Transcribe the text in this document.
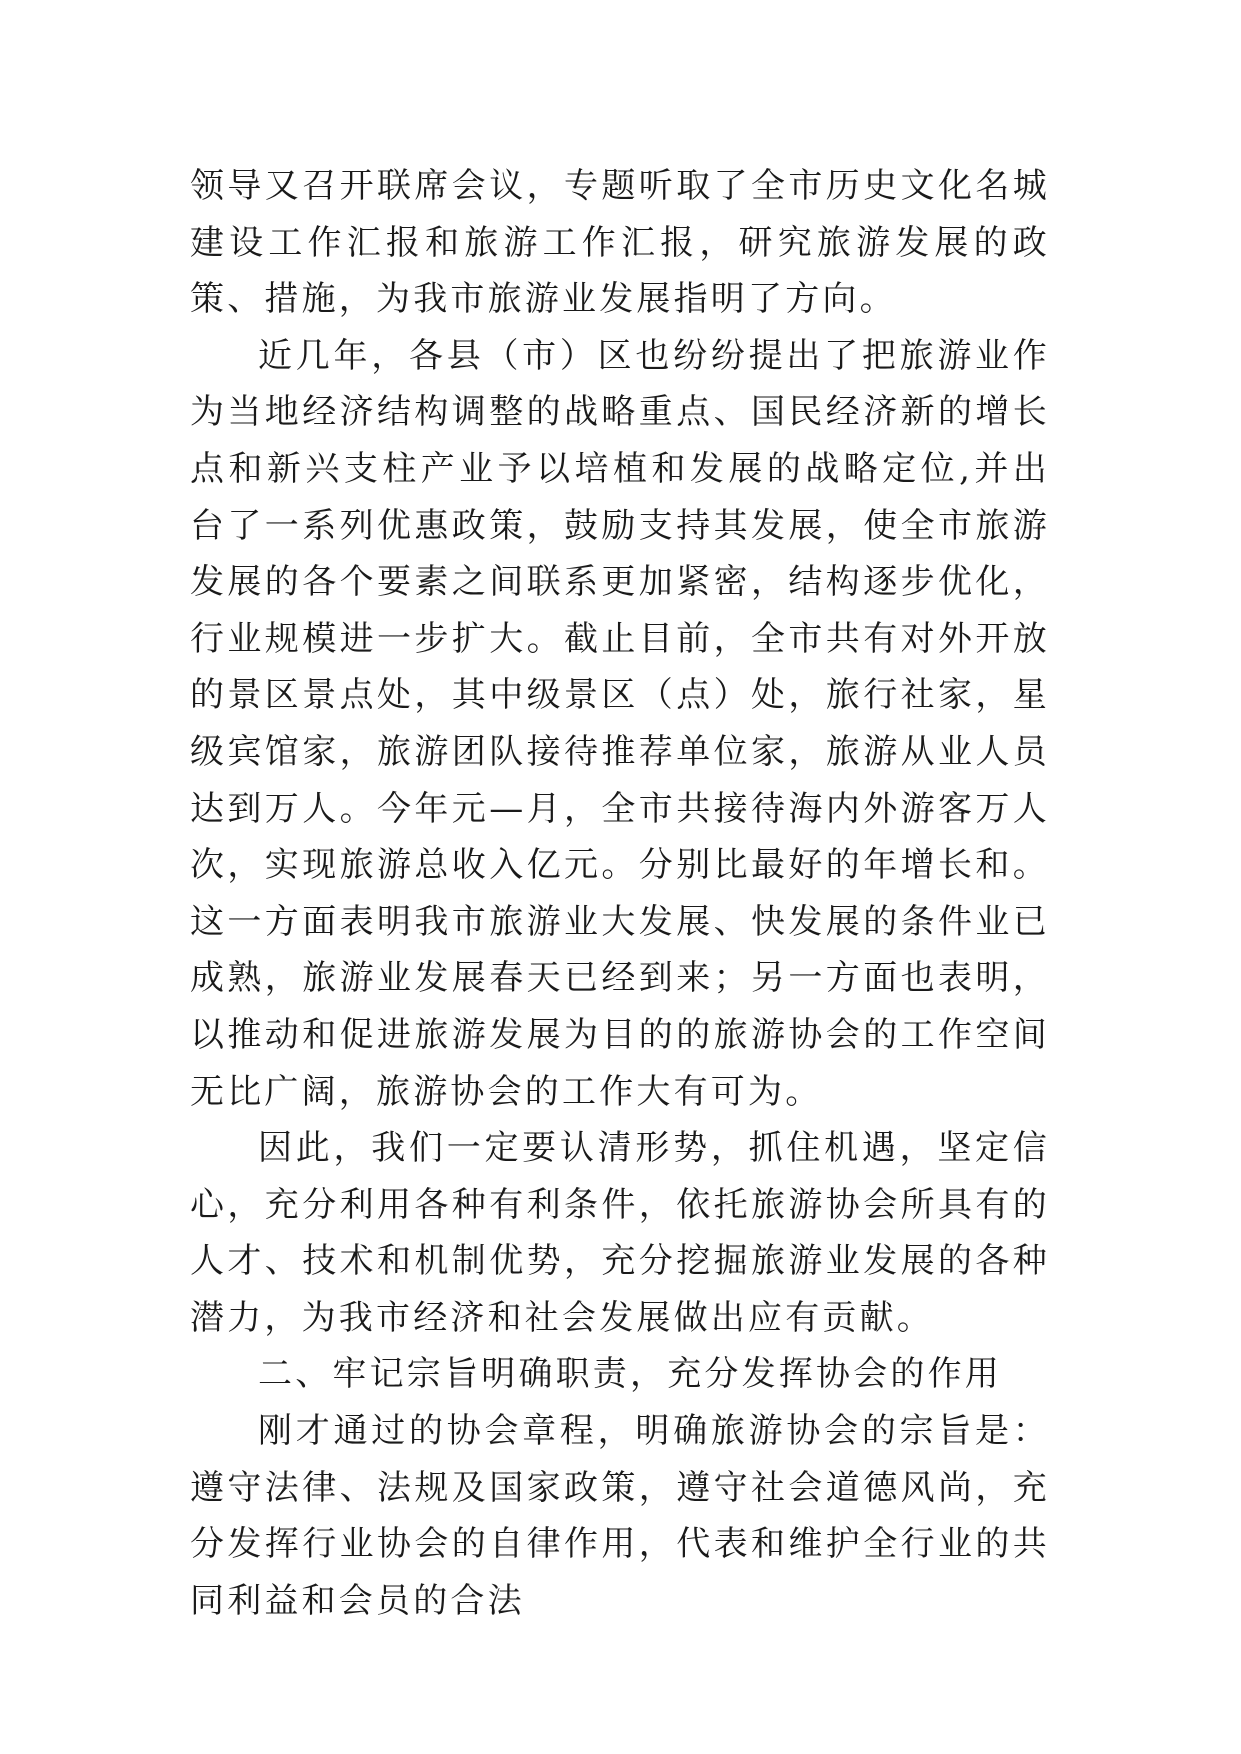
领导又召开联席会议，专题听取了全市历史文化名城建设工作汇报和旅游工作汇报，研究旅游发展的政策、措施，为我市旅游业发展指明了方向。

近几年，各县（市）区也纷纷提出了把旅游业作为当地经济结构调整的战略重点、国民经济新的增长点和新兴支柱产业予以培植和发展的战略定位,并出台了一系列优惠政策，鼓励支持其发展，使全市旅游发展的各个要素之间联系更加紧密，结构逐步优化，行业规模进一步扩大。截止目前，全市共有对外开放的景区景点处，其中级景区（点）处，旅行社家，星级宾馆家，旅游团队接待推荐单位家，旅游从业人员达到万人。今年元—月，全市共接待海内外游客万人次，实现旅游总收入亿元。分别比最好的年增长和。这一方面表明我市旅游业大发展、快发展的条件业已成熟，旅游业发展春天已经到来；另一方面也表明，以推动和促进旅游发展为目的的旅游协会的工作空间无比广阔，旅游协会的工作大有可为。

因此，我们一定要认清形势，抓住机遇，坚定信心，充分利用各种有利条件，依托旅游协会所具有的人才、技术和机制优势，充分挖掘旅游业发展的各种潜力，为我市经济和社会发展做出应有贡献。

二、牢记宗旨明确职责，充分发挥协会的作用

刚才通过的协会章程，明确旅游协会的宗旨是：遵守法律、法规及国家政策，遵守社会道德风尚，充分发挥行业协会的自律作用，代表和维护全行业的共同利益和会员的合法
